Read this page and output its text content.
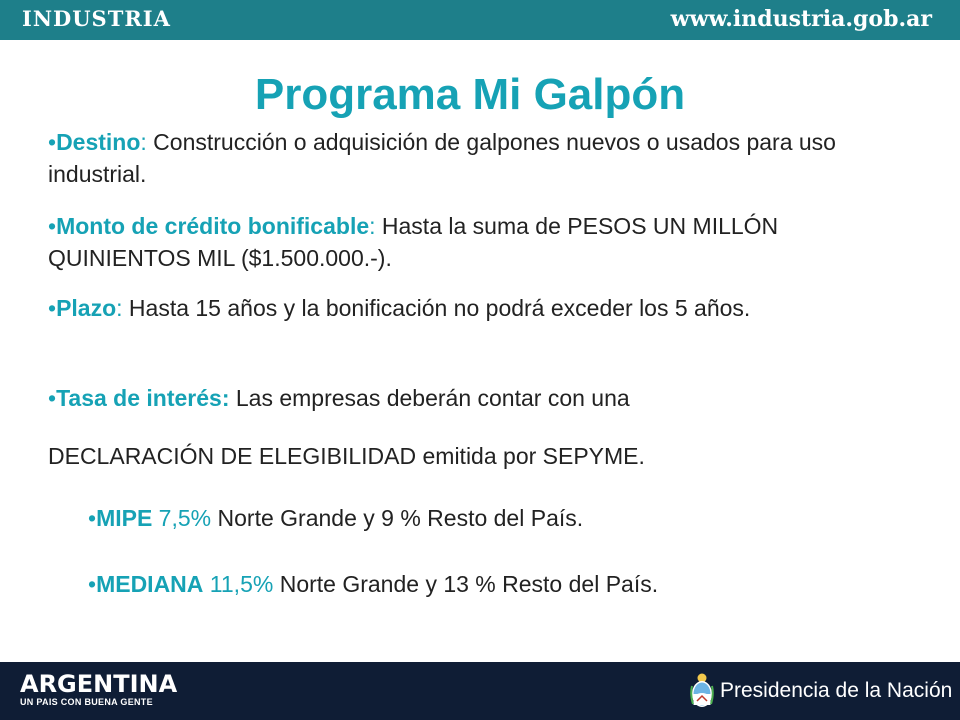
INDUSTRIA	www.industria.gob.ar
Programa Mi Galpón

•Destino: Construcción o adquisición de galpones nuevos o usados para uso industrial.

•Monto de crédito bonificable: Hasta la suma de PESOS UN MILLÓN QUINIENTOS MIL ($1.500.000.-).

•Plazo: Hasta 15 años y la bonificación no podrá exceder los 5 años.

•Tasa de interés: Las empresas deberán contar con una

DECLARACIÓN DE ELEGIBILIDAD emitida por SEPYME.

•MIPE 7,5% Norte Grande y 9 % Resto del País.

•MEDIANA 11,5% Norte Grande y 13 % Resto del País.

ARGENTINA
UN PAIS CON BUENA GENTE	Presidencia de la Nación
